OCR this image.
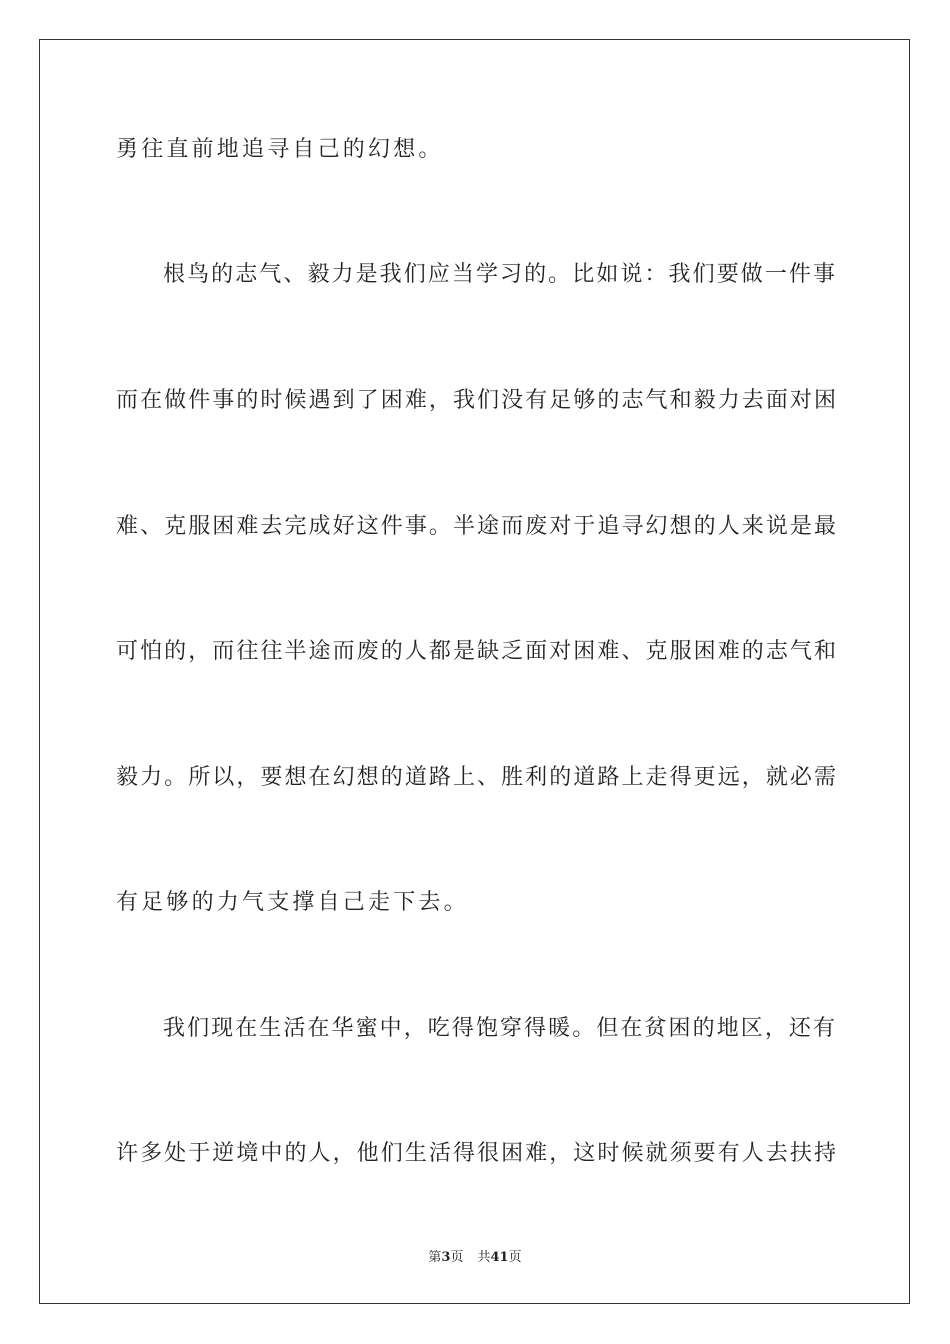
勇往直前地追寻自己的幻想。
根鸟的志气、毅力是我们应当学习的。比如说：我们要做一件事
而在做件事的时候遇到了困难，我们没有足够的志气和毅力去面对困
难、克服困难去完成好这件事。半途而废对于追寻幻想的人来说是最
可怕的，而往往半途而废的人都是缺乏面对困难、克服困难的志气和
毅力。所以，要想在幻想的道路上、胜利的道路上走得更远，就必需
有足够的力气支撑自己走下去。
我们现在生活在华蜜中，吃得饱穿得暖。但在贫困的地区，还有
许多处于逆境中的人，他们生活得很困难，这时候就须要有人去扶持
第3页 共41页
